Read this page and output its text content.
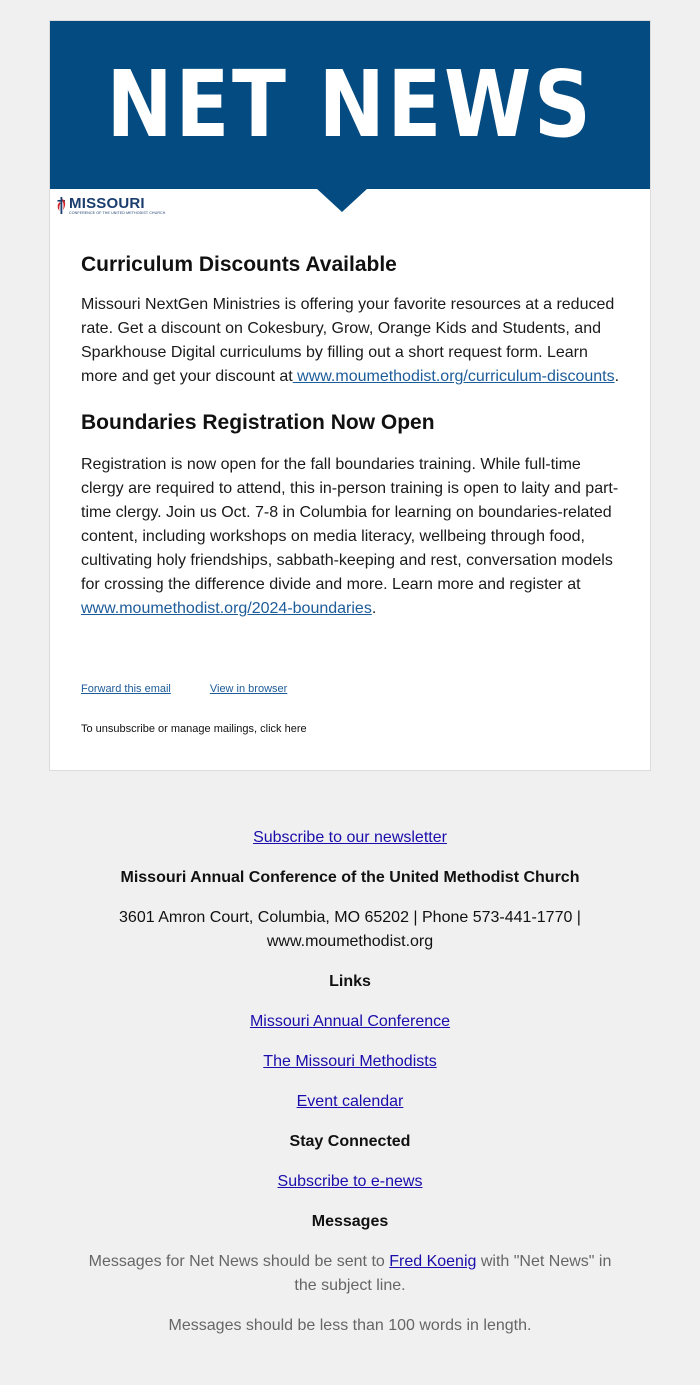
NET NEWS
MISSOURI
CONFERENCE OF THE UNITED METHODIST CHURCH
Curriculum Discounts Available

Missouri NextGen Ministries is offering your favorite resources at a reduced rate. Get a discount on Cokesbury, Grow, Orange Kids and Students, and Sparkhouse Digital curriculums by filling out a short request form. Learn more and get your discount at www.moumethodist.org/curriculum-discounts.

Boundaries Registration Now Open

Registration is now open for the fall boundaries training. While full-time clergy are required to attend, this in-person training is open to laity and part-time clergy. Join us Oct. 7-8 in Columbia for learning on boundaries-related content, including workshops on media literacy, wellbeing through food, cultivating holy friendships, sabbath-keeping and rest, conversation models for crossing the difference divide and more. Learn more and register at www.moumethodist.org/2024-boundaries.

Forward this email	View in browser
To unsubscribe or manage mailings, click here

Subscribe to our newsletter

Missouri Annual Conference of the United Methodist Church

3601 Amron Court, Columbia, MO 65202 | Phone 573-441-1770 | www.moumethodist.org

Links

Missouri Annual Conference

The Missouri Methodists

Event calendar

Stay Connected

Subscribe to e-news

Messages

Messages for Net News should be sent to Fred Koenig with "Net News" in the subject line.

Messages should be less than 100 words in length.
